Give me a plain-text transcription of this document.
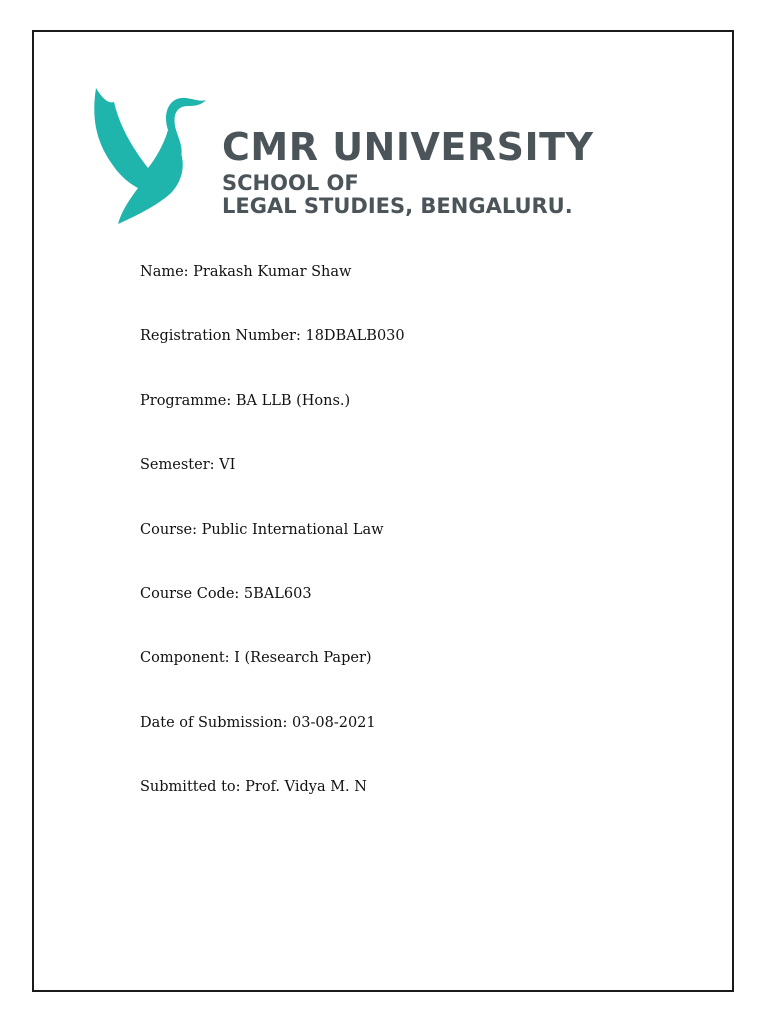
CMR UNIVERSITY
SCHOOL OF
LEGAL STUDIES, BENGALURU.
Name: Prakash Kumar Shaw
Registration Number: 18DBALB030
Programme: BA LLB (Hons.)
Semester: VI
Course: Public International Law
Course Code: 5BAL603
Component: I (Research Paper)
Date of Submission: 03-08-2021
Submitted to: Prof. Vidya M. N
